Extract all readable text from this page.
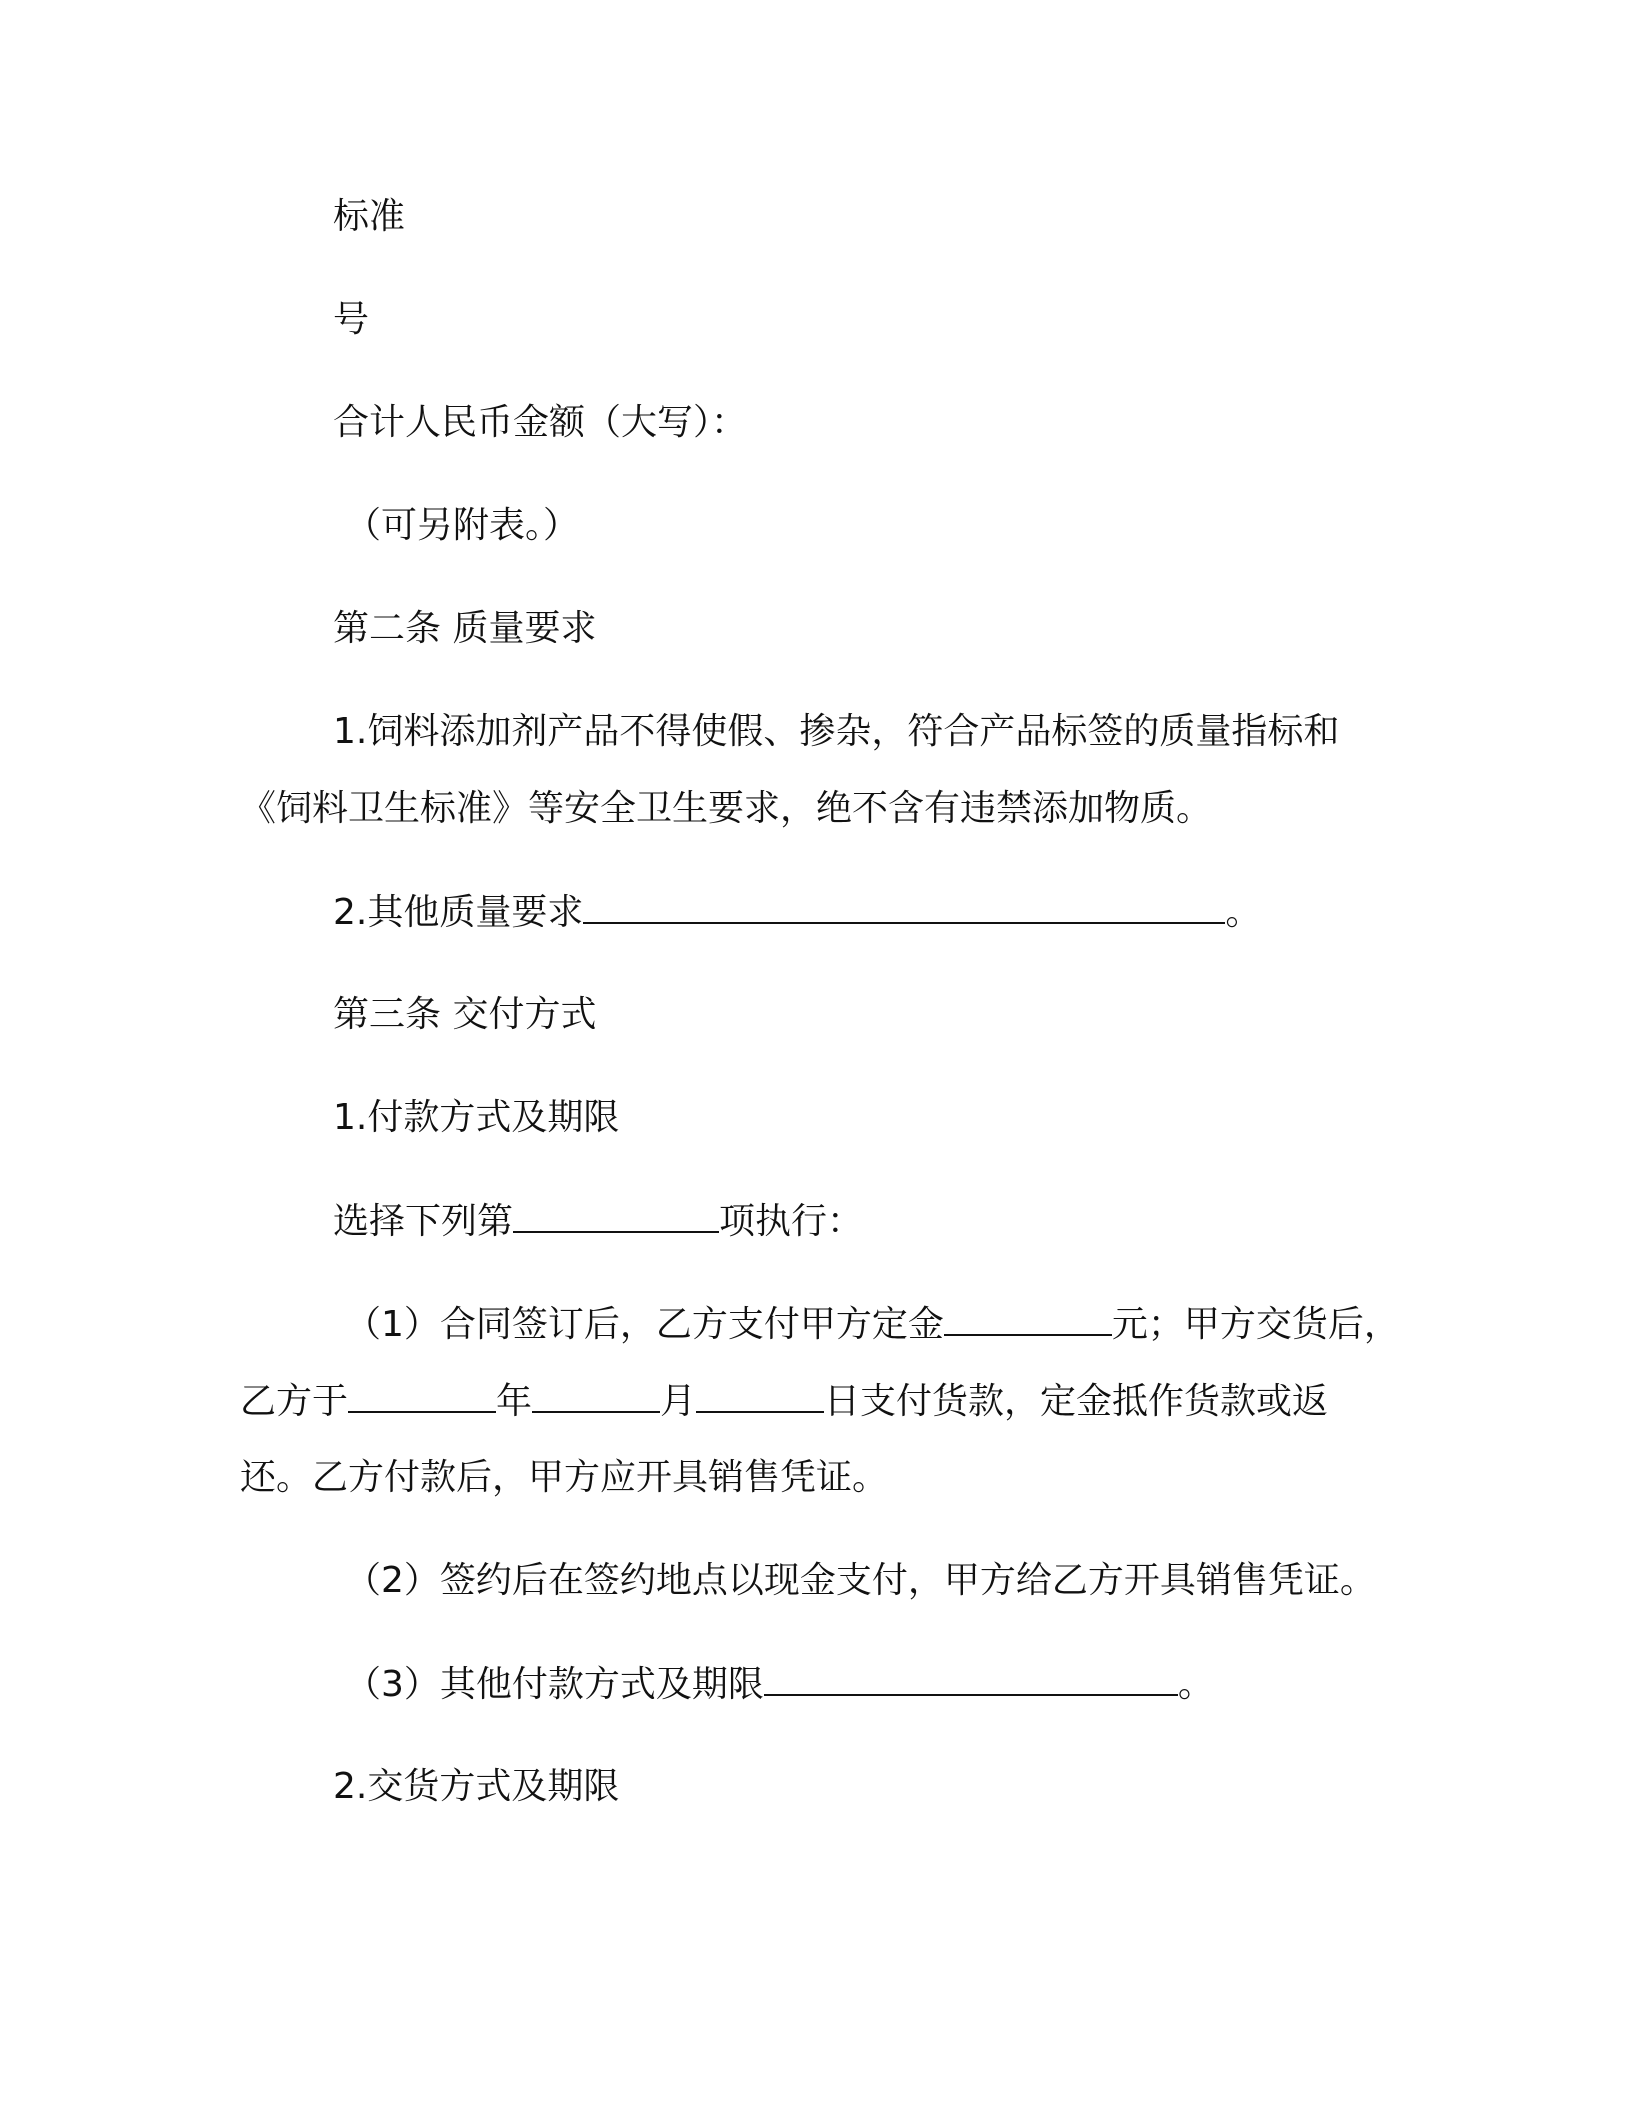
标准
号
合计人民币金额（大写）：
（可另附表。）
第二条 质量要求
1.饲料添加剂产品不得使假、掺杂，符合产品标签的质量指标和
《饲料卫生标准》等安全卫生要求，绝不含有违禁添加物质。
2.其他质量要求	。
第三条 交付方式
1.付款方式及期限
选择下列第	项执行：
（1）合同签订后，乙方支付甲方定金	元；甲方交货后，
乙方于	年	月	日支付货款，定金抵作货款或返
还。乙方付款后，甲方应开具销售凭证。
（2）签约后在签约地点以现金支付，甲方给乙方开具销售凭证。
（3）其他付款方式及期限	。
2.交货方式及期限
